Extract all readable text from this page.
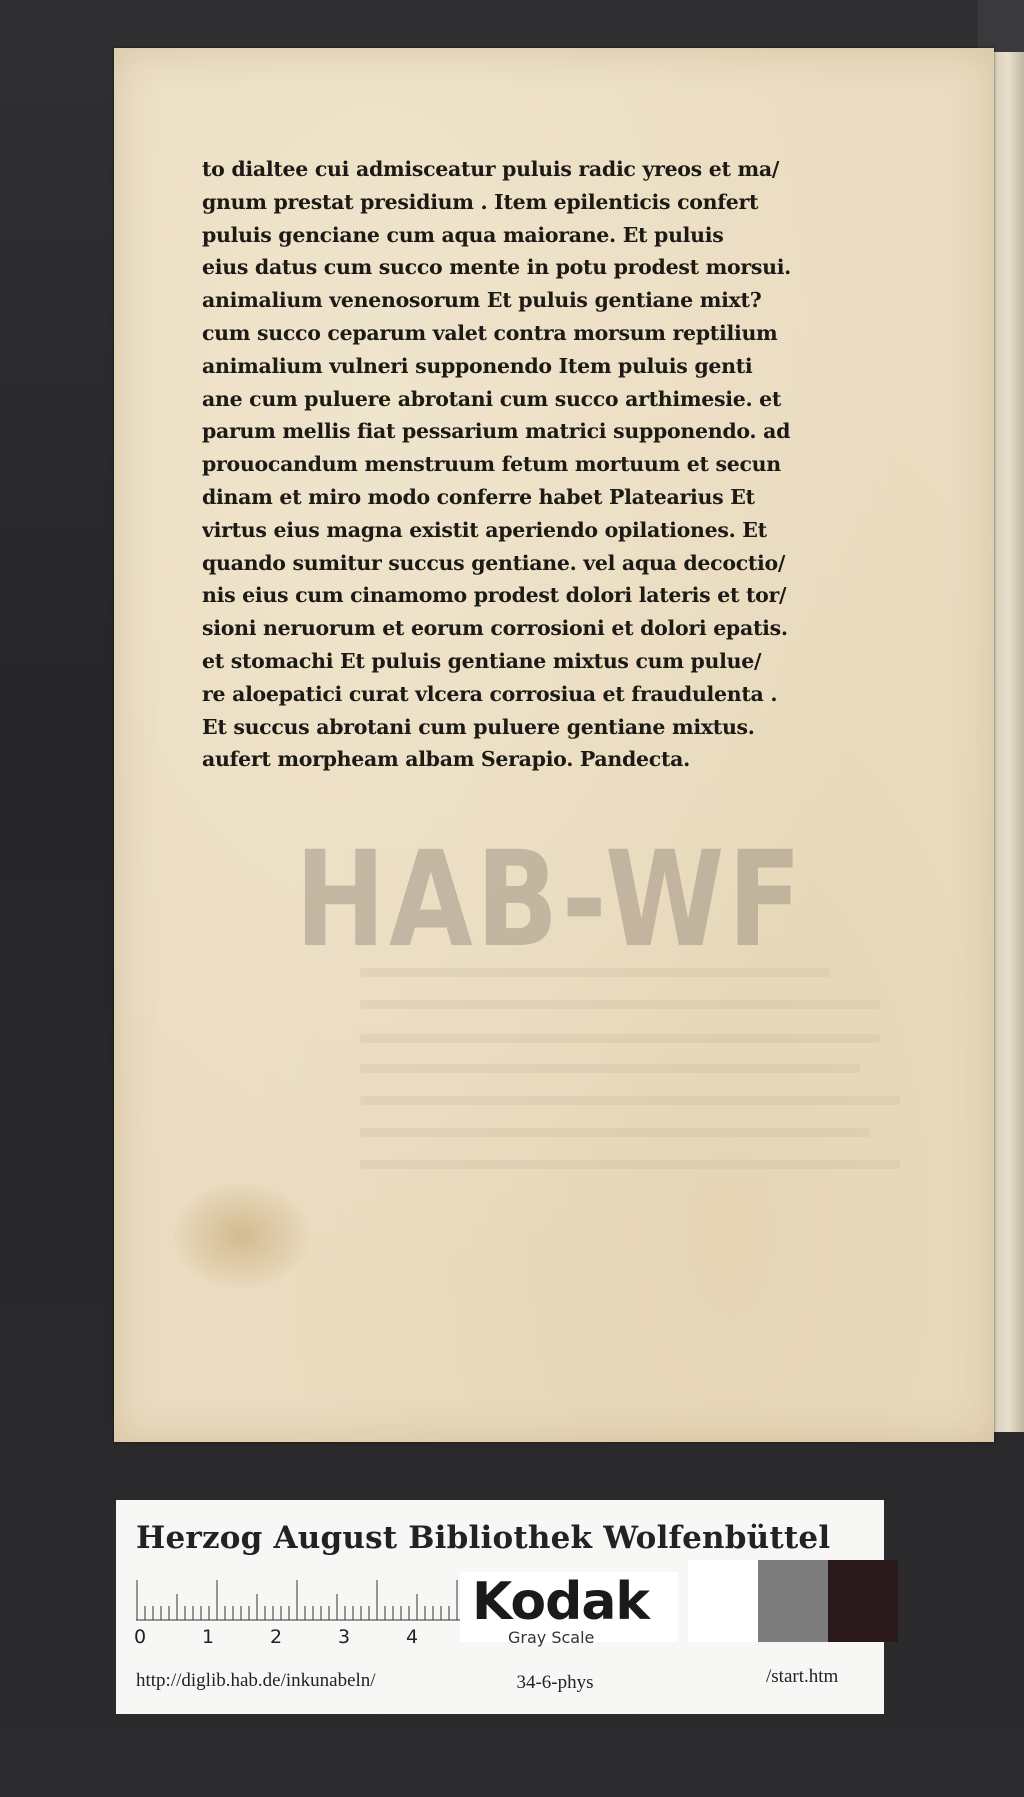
to dialtee cui admisceatur puluis radic yreos et ma/
gnum prestat presidium . Item epilenticis confert
puluis genciane cum aqua maiorane. Et puluis
eius datus cum succo mente in potu prodest morsui.
animalium venenosorum Et puluis gentiane mixt?
cum succo ceparum valet contra morsum reptilium
animalium vulneri supponendo Item puluis genti
ane cum puluere abrotani cum succo arthimesie. et
parum mellis fiat pessarium matrici supponendo. ad
prouocandum menstruum fetum mortuum et secun
dinam et miro modo conferre habet Platearius Et
virtus eius magna existit aperiendo opilationes. Et
quando sumitur succus gentiane. vel aqua decoctio/
nis eius cum cinamomo prodest dolori lateris et tor/
sioni neruorum et eorum corrosioni et dolori epatis.
et stomachi Et puluis gentiane mixtus cum pulue/
re aloepatici curat vlcera corrosiua et fraudulenta .
Et succus abrotani cum puluere gentiane mixtus.
aufert morpheam albam Serapio. Pandecta.
HAB-WF
Herzog August Bibliothek Wolfenbüttel
0	1	2	3	4
Kodak
Gray Scale
http://diglib.hab.de/inkunabeln/	34-6-phys	/start.htm
